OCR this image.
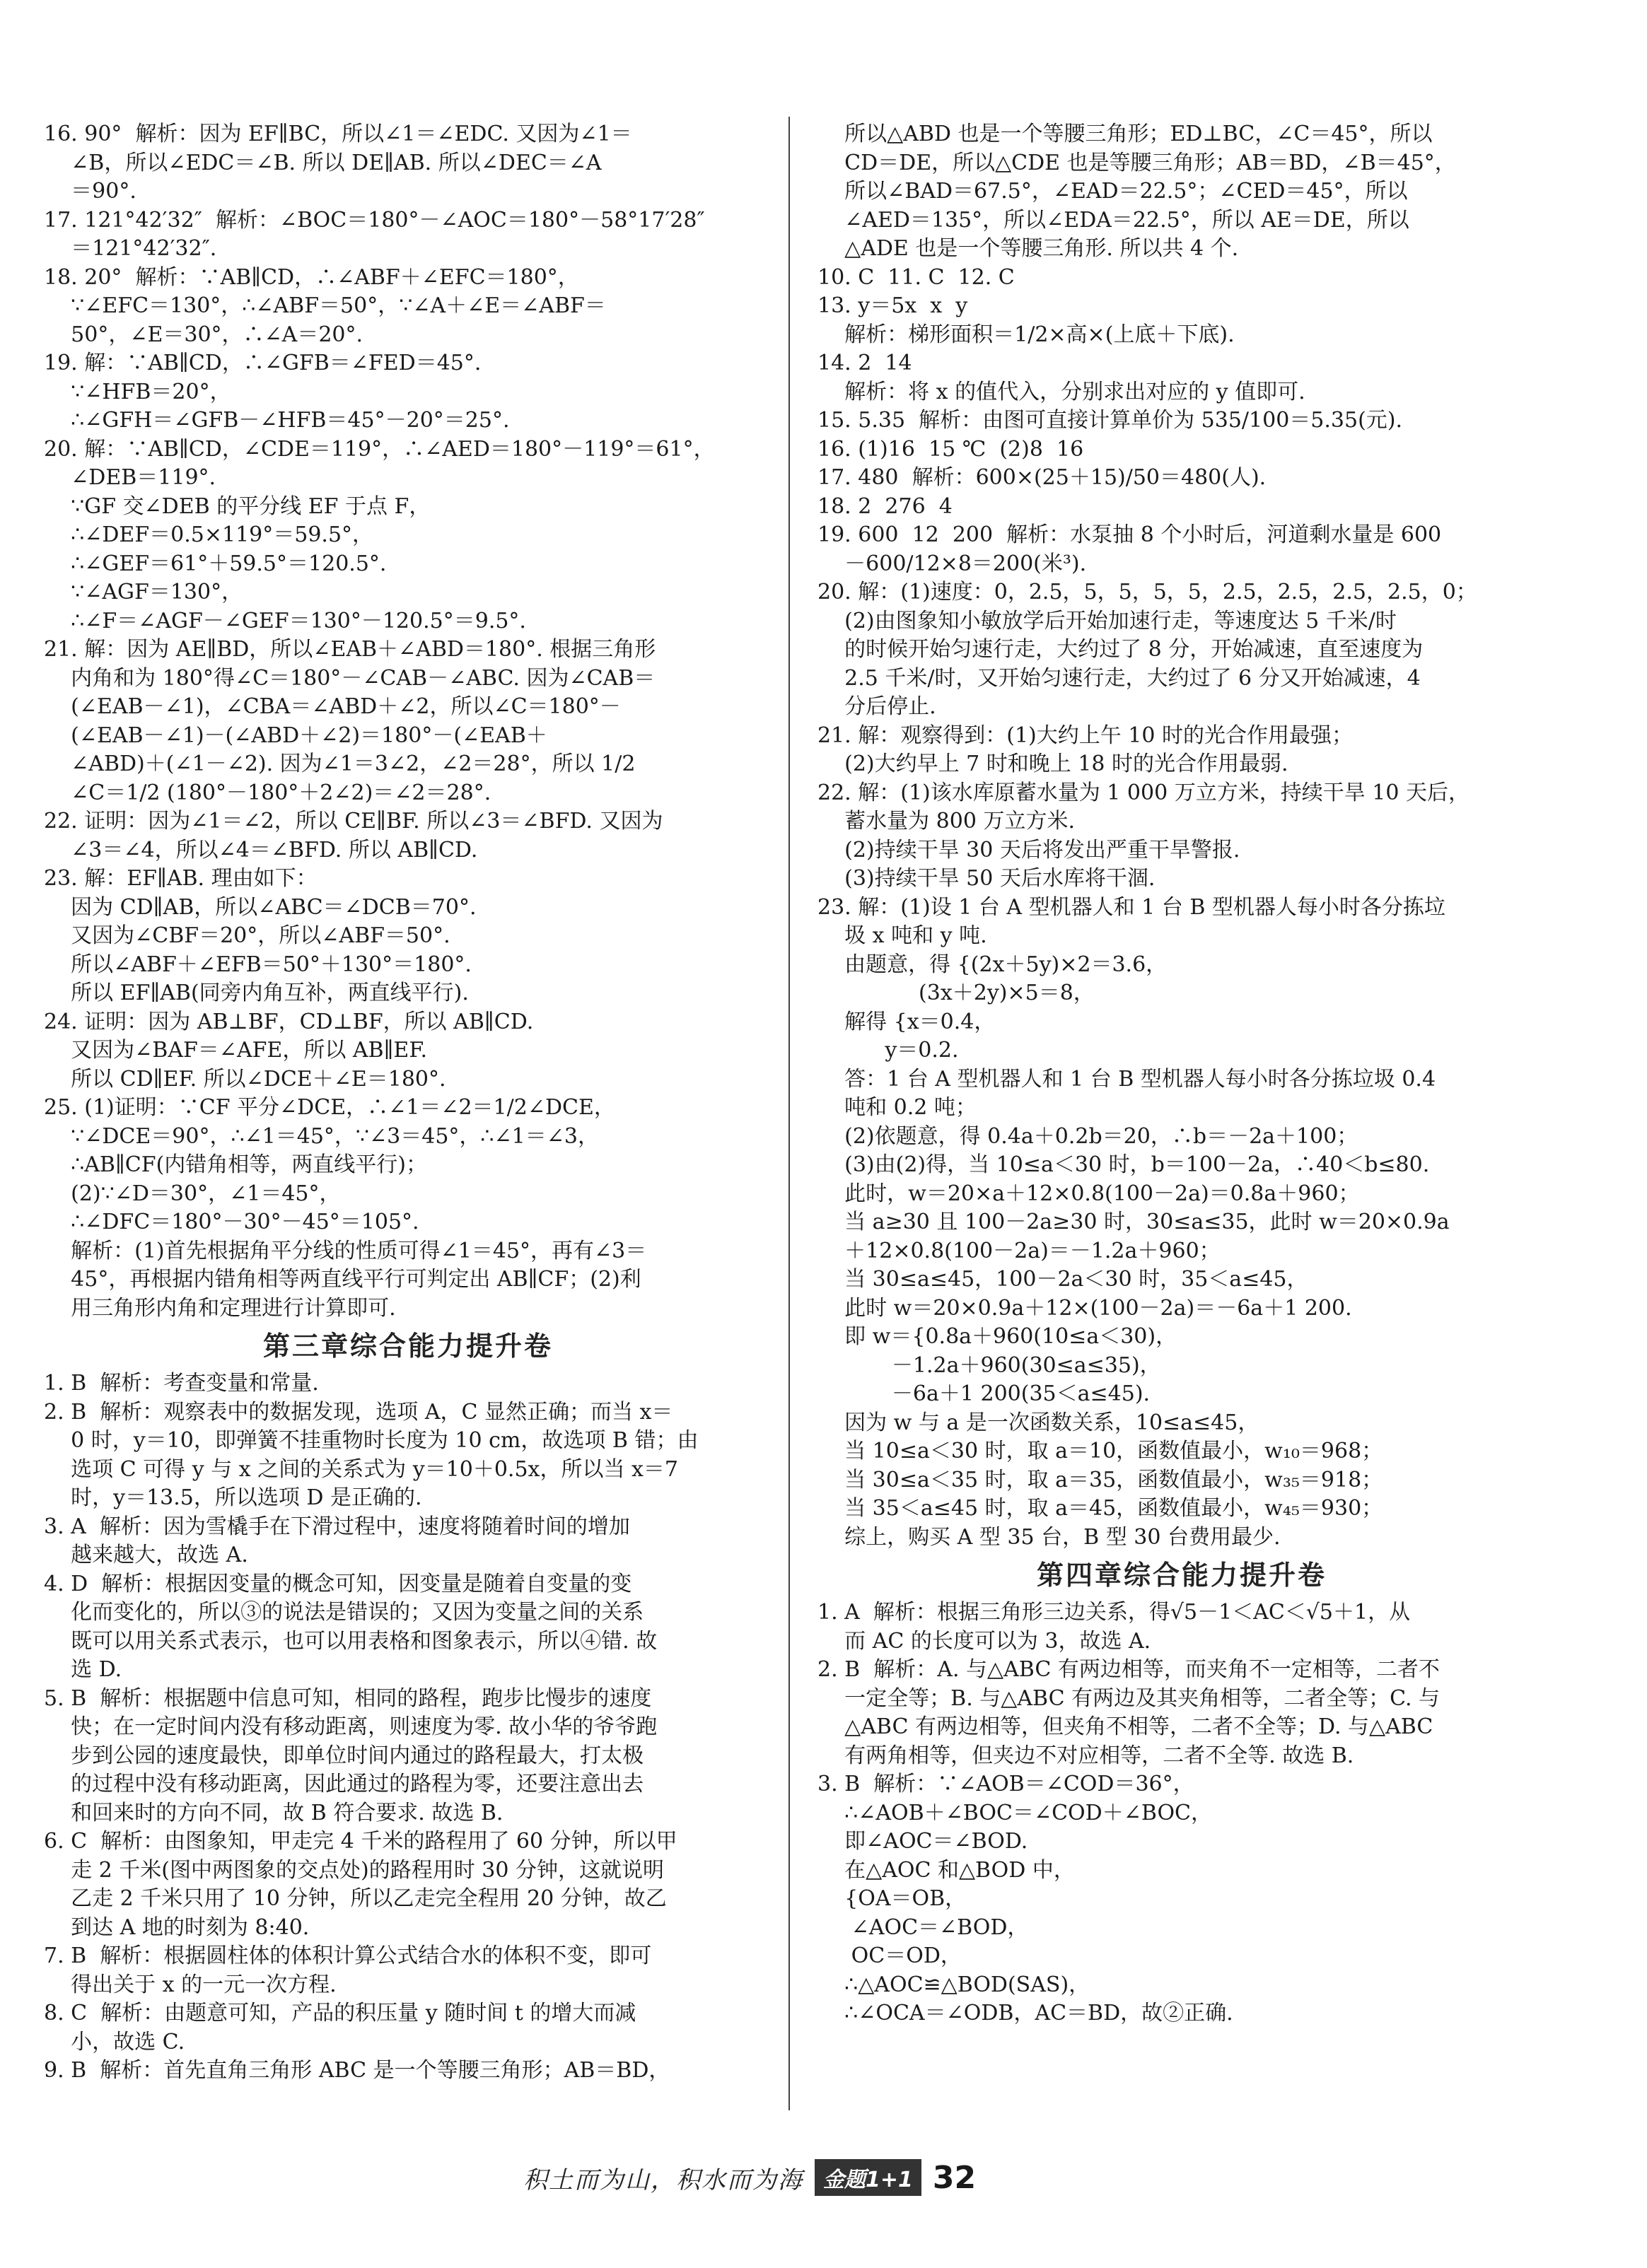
16. 90°  解析：因为 EF∥BC，所以∠1＝∠EDC. 又因为∠1＝
∠B，所以∠EDC＝∠B. 所以 DE∥AB. 所以∠DEC＝∠A
＝90°.
17. 121°42′32″  解析：∠BOC＝180°－∠AOC＝180°－58°17′28″
＝121°42′32″.
18. 20°  解析：∵AB∥CD，∴∠ABF＋∠EFC＝180°，
∵∠EFC＝130°，∴∠ABF＝50°，∵∠A＋∠E＝∠ABF＝
50°，∠E＝30°，∴∠A＝20°.
19. 解：∵AB∥CD，∴∠GFB＝∠FED＝45°.
∵∠HFB＝20°，
∴∠GFH＝∠GFB－∠HFB＝45°－20°＝25°.
20. 解：∵AB∥CD，∠CDE＝119°，∴∠AED＝180°－119°＝61°，
∠DEB＝119°.
∵GF 交∠DEB 的平分线 EF 于点 F，
∴∠DEF＝0.5×119°＝59.5°，
∴∠GEF＝61°＋59.5°＝120.5°.
∵∠AGF＝130°，
∴∠F＝∠AGF－∠GEF＝130°－120.5°＝9.5°.
21. 解：因为 AE∥BD，所以∠EAB＋∠ABD＝180°. 根据三角形
内角和为 180°得∠C＝180°－∠CAB－∠ABC. 因为∠CAB＝
(∠EAB－∠1)，∠CBA＝∠ABD＋∠2，所以∠C＝180°－
(∠EAB－∠1)－(∠ABD＋∠2)＝180°－(∠EAB＋
∠ABD)＋(∠1－∠2). 因为∠1＝3∠2，∠2＝28°，所以 1/2
∠C＝1/2 (180°－180°＋2∠2)＝∠2＝28°.
22. 证明：因为∠1＝∠2，所以 CE∥BF. 所以∠3＝∠BFD. 又因为
∠3＝∠4，所以∠4＝∠BFD. 所以 AB∥CD.
23. 解：EF∥AB. 理由如下：
因为 CD∥AB，所以∠ABC＝∠DCB＝70°.
又因为∠CBF＝20°，所以∠ABF＝50°.
所以∠ABF＋∠EFB＝50°＋130°＝180°.
所以 EF∥AB(同旁内角互补，两直线平行).
24. 证明：因为 AB⊥BF，CD⊥BF，所以 AB∥CD.
又因为∠BAF＝∠AFE，所以 AB∥EF.
所以 CD∥EF. 所以∠DCE＋∠E＝180°.
25. (1)证明：∵CF 平分∠DCE，∴∠1＝∠2＝1/2∠DCE，
∵∠DCE＝90°，∴∠1＝45°，∵∠3＝45°，∴∠1＝∠3，
∴AB∥CF(内错角相等，两直线平行)；
(2)∵∠D＝30°，∠1＝45°，
∴∠DFC＝180°－30°－45°＝105°.
解析：(1)首先根据角平分线的性质可得∠1＝45°，再有∠3＝
45°，再根据内错角相等两直线平行可判定出 AB∥CF；(2)利
用三角形内角和定理进行计算即可.
第三章综合能力提升卷
1. B  解析：考查变量和常量.
2. B  解析：观察表中的数据发现，选项 A，C 显然正确；而当 x＝
0 时，y＝10，即弹簧不挂重物时长度为 10 cm，故选项 B 错；由
选项 C 可得 y 与 x 之间的关系式为 y＝10＋0.5x，所以当 x＝7
时，y＝13.5，所以选项 D 是正确的.
3. A  解析：因为雪橇手在下滑过程中，速度将随着时间的增加
越来越大，故选 A.
4. D  解析：根据因变量的概念可知，因变量是随着自变量的变
化而变化的，所以③的说法是错误的；又因为变量之间的关系
既可以用关系式表示，也可以用表格和图象表示，所以④错. 故
选 D.
5. B  解析：根据题中信息可知，相同的路程，跑步比慢步的速度
快；在一定时间内没有移动距离，则速度为零. 故小华的爷爷跑
步到公园的速度最快，即单位时间内通过的路程最大，打太极
的过程中没有移动距离，因此通过的路程为零，还要注意出去
和回来时的方向不同，故 B 符合要求. 故选 B.
6. C  解析：由图象知，甲走完 4 千米的路程用了 60 分钟，所以甲
走 2 千米(图中两图象的交点处)的路程用时 30 分钟，这就说明
乙走 2 千米只用了 10 分钟，所以乙走完全程用 20 分钟，故乙
到达 A 地的时刻为 8:40.
7. B  解析：根据圆柱体的体积计算公式结合水的体积不变，即可
得出关于 x 的一元一次方程.
8. C  解析：由题意可知，产品的积压量 y 随时间 t 的增大而减
小，故选 C.
9. B  解析：首先直角三角形 ABC 是一个等腰三角形；AB＝BD，
所以△ABD 也是一个等腰三角形；ED⊥BC，∠C＝45°，所以
CD＝DE，所以△CDE 也是等腰三角形；AB＝BD，∠B＝45°，
所以∠BAD＝67.5°，∠EAD＝22.5°；∠CED＝45°，所以
∠AED＝135°，所以∠EDA＝22.5°，所以 AE＝DE，所以
△ADE 也是一个等腰三角形. 所以共 4 个.
10. C  11. C  12. C
13. y＝5x  x  y
解析：梯形面积＝1/2×高×(上底＋下底).
14. 2  14
解析：将 x 的值代入，分别求出对应的 y 值即可.
15. 5.35  解析：由图可直接计算单价为 535/100＝5.35(元).
16. (1)16  15 ℃  (2)8  16
17. 480  解析：600×(25＋15)/50＝480(人).
18. 2  276  4
19. 600  12  200  解析：水泵抽 8 个小时后，河道剩水量是 600
－600/12×8＝200(米³).
20. 解：(1)速度：0，2.5，5，5，5，5，2.5，2.5，2.5，2.5，0；
(2)由图象知小敏放学后开始加速行走，等速度达 5 千米/时
的时候开始匀速行走，大约过了 8 分，开始减速，直至速度为
2.5 千米/时，又开始匀速行走，大约过了 6 分又开始减速，4
分后停止.
21. 解：观察得到：(1)大约上午 10 时的光合作用最强；
(2)大约早上 7 时和晚上 18 时的光合作用最弱.
22. 解：(1)该水库原蓄水量为 1 000 万立方米，持续干旱 10 天后，
蓄水量为 800 万立方米.
(2)持续干旱 30 天后将发出严重干旱警报.
(3)持续干旱 50 天后水库将干涸.
23. 解：(1)设 1 台 A 型机器人和 1 台 B 型机器人每小时各分拣垃
圾 x 吨和 y 吨.
由题意，得 {(2x＋5y)×2＝3.6，
(3x＋2y)×5＝8，
解得 {x＝0.4，
y＝0.2.
答：1 台 A 型机器人和 1 台 B 型机器人每小时各分拣垃圾 0.4
吨和 0.2 吨；
(2)依题意，得 0.4a＋0.2b＝20，∴b＝－2a＋100；
(3)由(2)得，当 10≤a＜30 时，b＝100－2a，∴40＜b≤80.
此时，w＝20×a＋12×0.8(100－2a)＝0.8a＋960；
当 a≥30 且 100－2a≥30 时，30≤a≤35，此时 w＝20×0.9a
＋12×0.8(100－2a)＝－1.2a＋960；
当 30≤a≤45，100－2a＜30 时，35＜a≤45，
此时 w＝20×0.9a＋12×(100－2a)＝－6a＋1 200.
即 w＝{0.8a＋960(10≤a＜30)，
－1.2a＋960(30≤a≤35)，
－6a＋1 200(35＜a≤45).
因为 w 与 a 是一次函数关系，10≤a≤45，
当 10≤a＜30 时，取 a＝10，函数值最小，w₁₀＝968；
当 30≤a＜35 时，取 a＝35，函数值最小，w₃₅＝918；
当 35＜a≤45 时，取 a＝45，函数值最小，w₄₅＝930；
综上，购买 A 型 35 台，B 型 30 台费用最少.
第四章综合能力提升卷
1. A  解析：根据三角形三边关系，得√5－1＜AC＜√5＋1，从
而 AC 的长度可以为 3，故选 A.
2. B  解析：A. 与△ABC 有两边相等，而夹角不一定相等，二者不
一定全等；B. 与△ABC 有两边及其夹角相等，二者全等；C. 与
△ABC 有两边相等，但夹角不相等，二者不全等；D. 与△ABC
有两角相等，但夹边不对应相等，二者不全等. 故选 B.
3. B  解析：∵∠AOB＝∠COD＝36°，
∴∠AOB＋∠BOC＝∠COD＋∠BOC，
即∠AOC＝∠BOD.
在△AOC 和△BOD 中，
{OA＝OB，
∠AOC＝∠BOD，
OC＝OD，
∴△AOC≌△BOD(SAS)，
∴∠OCA＝∠ODB，AC＝BD，故②正确.
积土而为山，积水而为海 金题1+1 32
